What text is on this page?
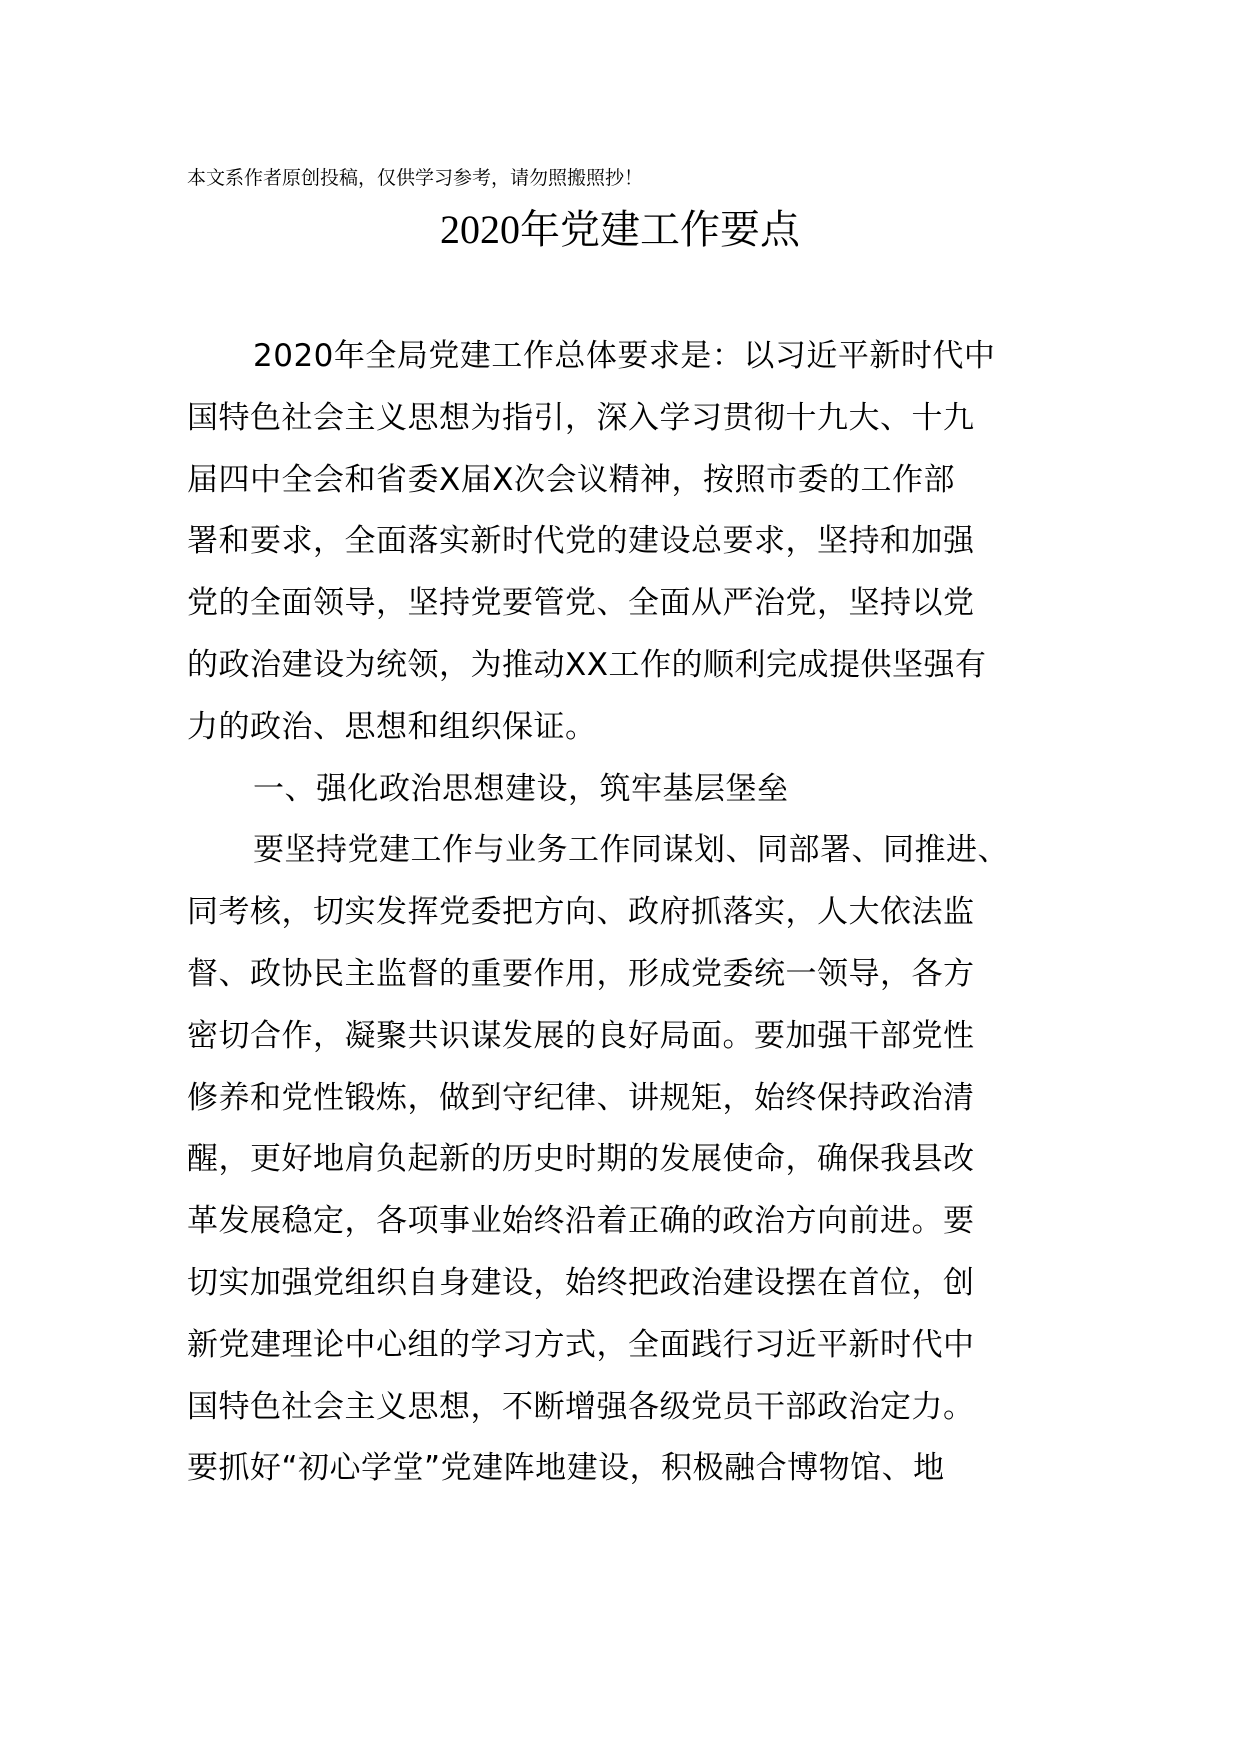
本文系作者原创投稿，仅供学习参考，请勿照搬照抄！
2020年党建工作要点
2020年全局党建工作总体要求是：以习近平新时代中
国特色社会主义思想为指引，深入学习贯彻十九大、十九
届四中全会和省委X届X次会议精神，按照市委的工作部
署和要求，全面落实新时代党的建设总要求，坚持和加强
党的全面领导，坚持党要管党、全面从严治党，坚持以党
的政治建设为统领，为推动XX工作的顺利完成提供坚强有
力的政治、思想和组织保证。
一、强化政治思想建设，筑牢基层堡垒
要坚持党建工作与业务工作同谋划、同部署、同推进、
同考核，切实发挥党委把方向、政府抓落实，人大依法监
督、政协民主监督的重要作用，形成党委统一领导，各方
密切合作，凝聚共识谋发展的良好局面。要加强干部党性
修养和党性锻炼，做到守纪律、讲规矩，始终保持政治清
醒，更好地肩负起新的历史时期的发展使命，确保我县改
革发展稳定，各项事业始终沿着正确的政治方向前进。要
切实加强党组织自身建设，始终把政治建设摆在首位，创
新党建理论中心组的学习方式，全面践行习近平新时代中
国特色社会主义思想，不断增强各级党员干部政治定力。
要抓好“初心学堂”党建阵地建设，积极融合博物馆、地
